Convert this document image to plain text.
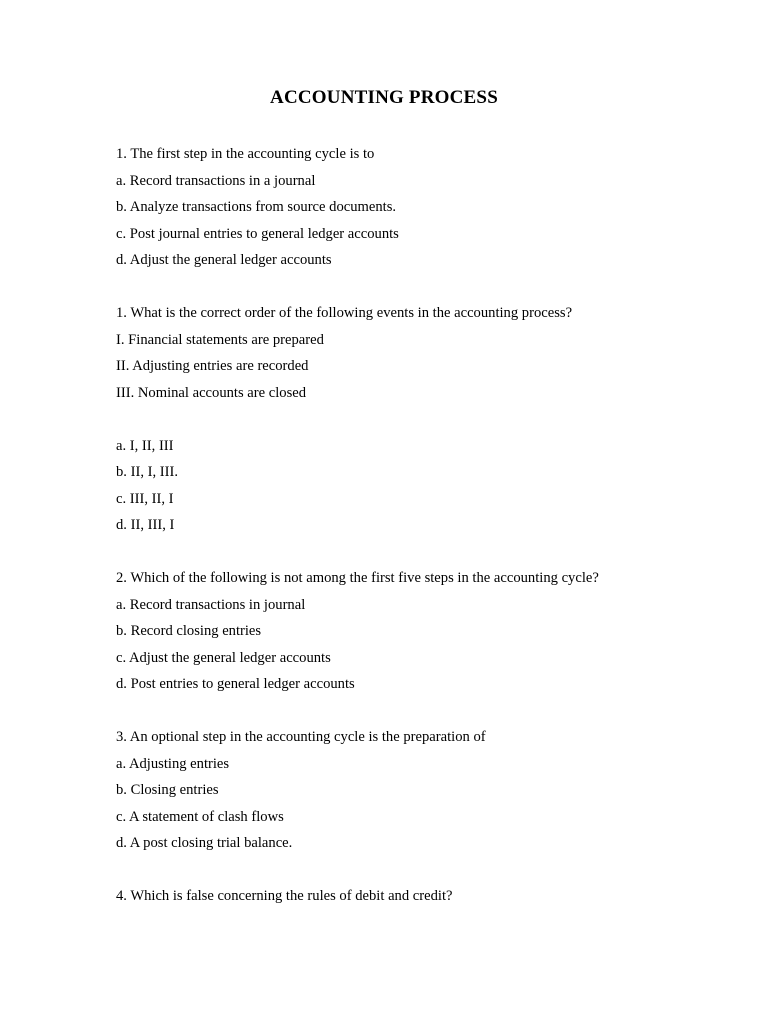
ACCOUNTING PROCESS
1. The first step in the accounting cycle is to
a. Record transactions in a journal
b. Analyze transactions from source documents.
c. Post journal entries to general ledger accounts
d. Adjust the general ledger accounts
1. What is the correct order of the following events in the accounting process?
I. Financial statements are prepared
II. Adjusting entries are recorded
III. Nominal accounts are closed
a. I, II, III
b. II, I, III.
c. III, II, I
d. II, III, I
2. Which of the following is not among the first five steps in the accounting cycle?
a. Record transactions in journal
b. Record closing entries
c. Adjust the general ledger accounts
d. Post entries to general ledger accounts
3. An optional step in the accounting cycle is the preparation of
a. Adjusting entries
b. Closing entries
c. A statement of clash flows
d. A post closing trial balance.
4. Which is false concerning the rules of debit and credit?
